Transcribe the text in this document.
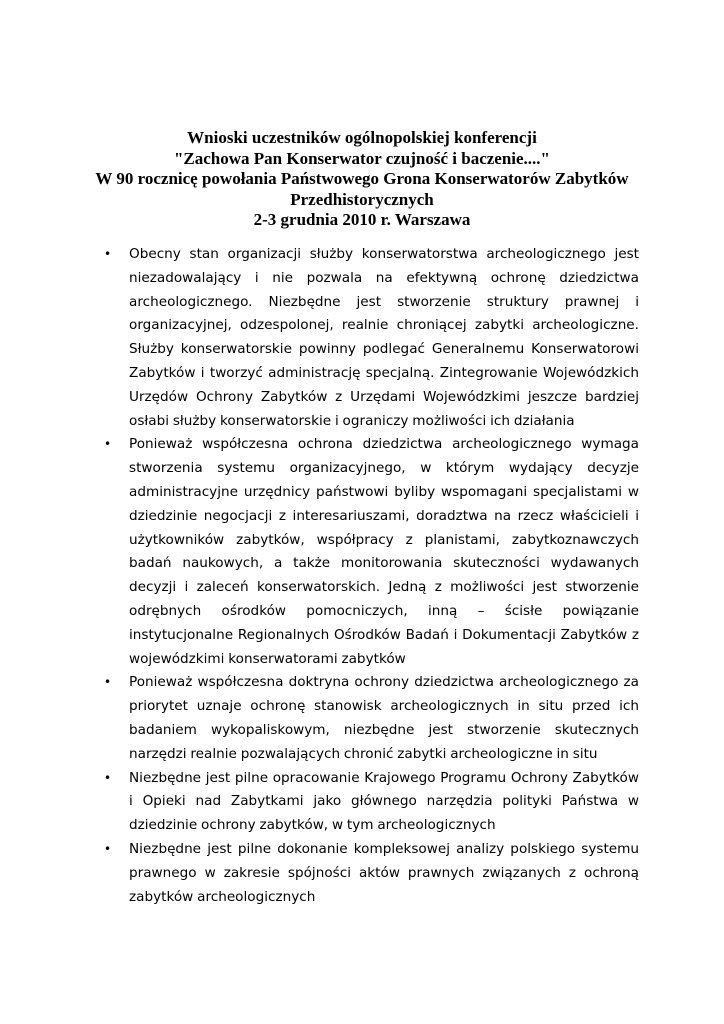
Wnioski uczestników ogólnopolskiej konferencji
"Zachowa Pan Konserwator czujność i baczenie...."
W 90 rocznicę powołania Państwowego Grona Konserwatorów Zabytków
Przedhistorycznych
2-3 grudnia 2010 r. Warszawa
• Obecny stan organizacji służby konserwatorstwa archeologicznego jest niezadowalający i nie pozwala na efektywną ochronę dziedzictwa archeologicznego. Niezbędne jest stworzenie struktury prawnej i organizacyjnej, odzespolonej, realnie chroniącej zabytki archeologiczne. Służby konserwatorskie powinny podlegać Generalnemu Konserwatorowi Zabytków i tworzyć administrację specjalną. Zintegrowanie Wojewódzkich Urzędów Ochrony Zabytków z Urzędami Wojewódzkimi jeszcze bardziej osłabi służby konserwatorskie i ograniczy możliwości ich działania
• Ponieważ współczesna ochrona dziedzictwa archeologicznego wymaga stworzenia systemu organizacyjnego, w którym wydający decyzje administracyjne urzędnicy państwowi byliby wspomagani specjalistami w dziedzinie negocjacji z interesariuszami, doradztwa na rzecz właścicieli i użytkowników zabytków, współpracy z planistami, zabytkoznawczych badań naukowych, a także monitorowania skuteczności wydawanych decyzji i zaleceń konserwatorskich. Jedną z możliwości jest stworzenie odrębnych ośrodków pomocniczych, inną – ścisłe powiązanie instytucjonalne Regionalnych Ośrodków Badań i Dokumentacji Zabytków z wojewódzkimi konserwatorami zabytków
• Ponieważ współczesna doktryna ochrony dziedzictwa archeologicznego za priorytet uznaje ochronę stanowisk archeologicznych in situ przed ich badaniem wykopaliskowym, niezbędne jest stworzenie skutecznych narzędzi realnie pozwalających chronić zabytki archeologiczne in situ
• Niezbędne jest pilne opracowanie Krajowego Programu Ochrony Zabytków i Opieki nad Zabytkami jako głównego narzędzia polityki Państwa w dziedzinie ochrony zabytków, w tym archeologicznych
• Niezbędne jest pilne dokonanie kompleksowej analizy polskiego systemu prawnego w zakresie spójności aktów prawnych związanych z ochroną zabytków archeologicznych
